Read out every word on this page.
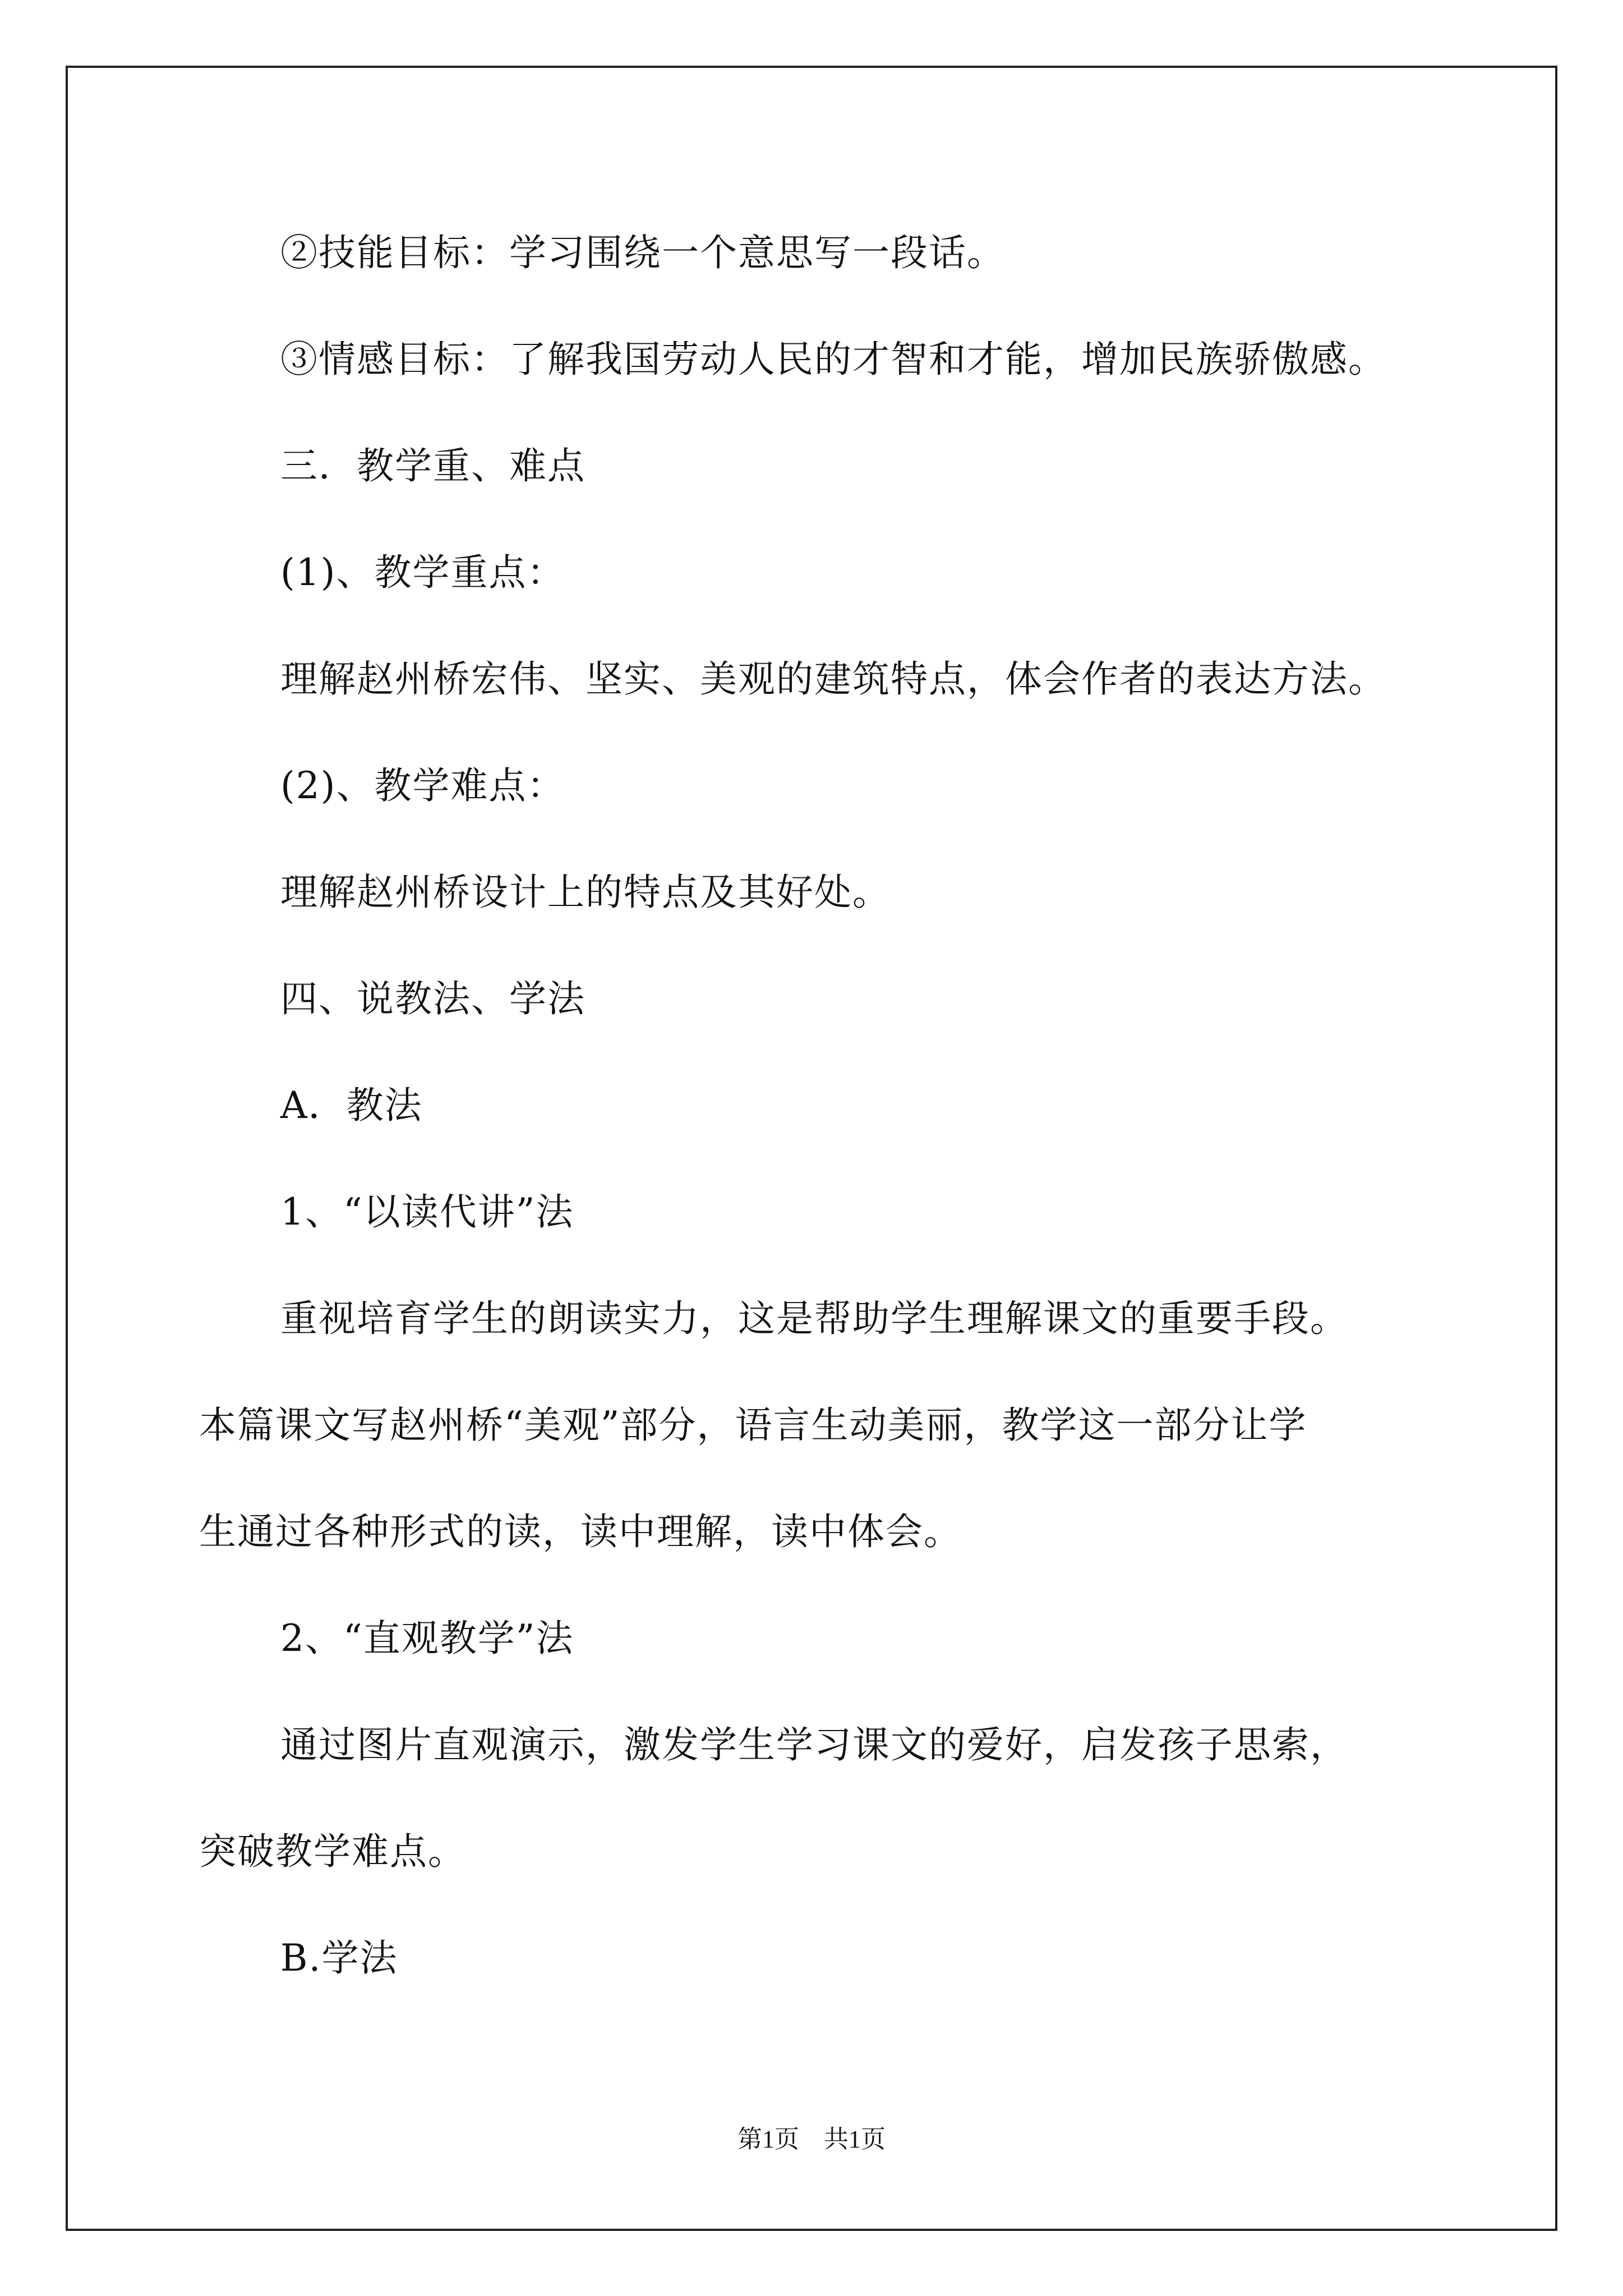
②技能目标：学习围绕一个意思写一段话。

③情感目标：了解我国劳动人民的才智和才能，增加民族骄傲感。

三．教学重、难点

(1)、教学重点：

理解赵州桥宏伟、坚实、美观的建筑特点，体会作者的表达方法。

(2)、教学难点：

理解赵州桥设计上的特点及其好处。

四、说教法、学法

A．教法

1、“以读代讲”法

重视培育学生的朗读实力，这是帮助学生理解课文的重要手段。

本篇课文写赵州桥“美观”部分，语言生动美丽，教学这一部分让学

生通过各种形式的读，读中理解，读中体会。

2、“直观教学”法

通过图片直观演示，激发学生学习课文的爱好，启发孩子思索，

突破教学难点。

B.学法

第1页 共1页
